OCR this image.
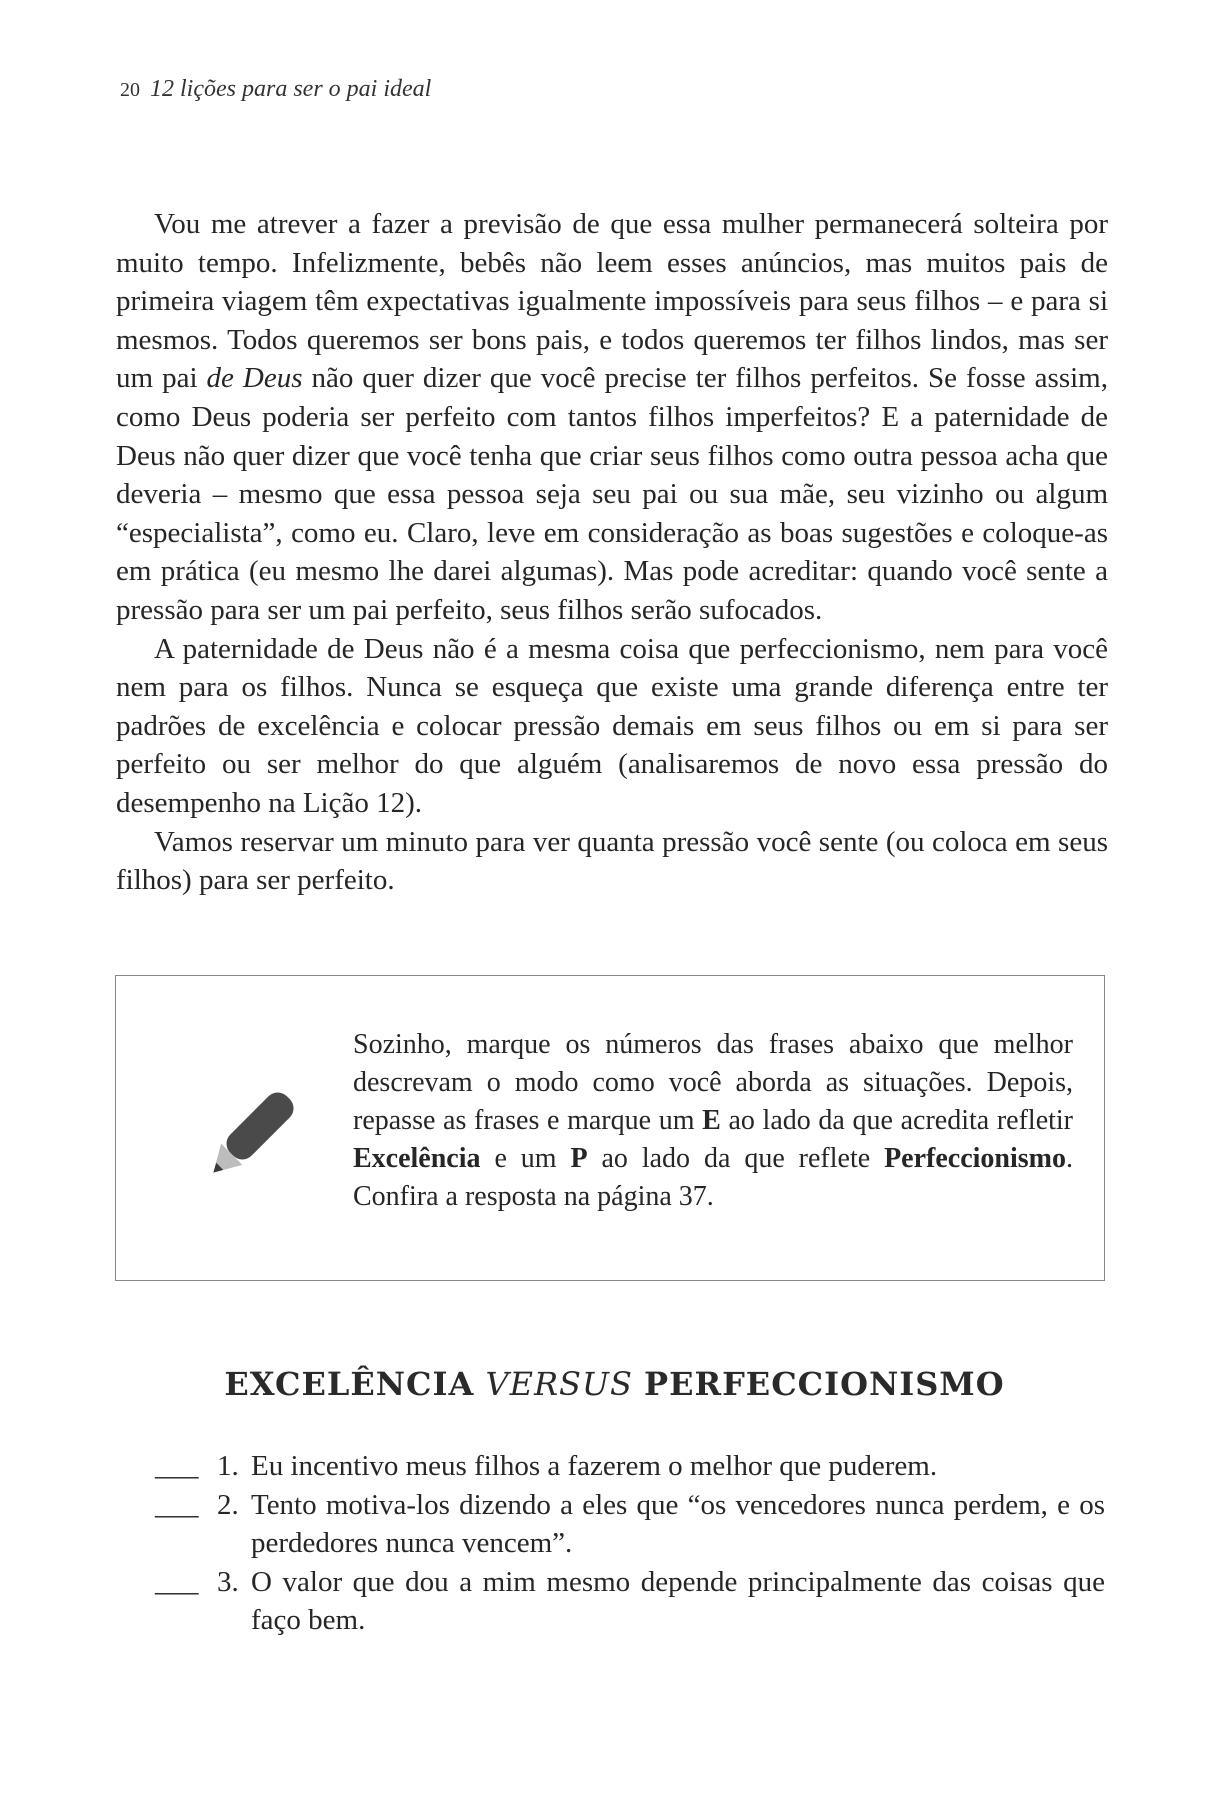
20 12 lições para ser o pai ideal

Vou me atrever a fazer a previsão de que essa mulher permanecerá solteira por muito tempo. Infelizmente, bebês não leem esses anúncios, mas muitos pais de primeira viagem têm expectativas igualmente impossíveis para seus filhos – e para si mesmos. Todos queremos ser bons pais, e todos queremos ter filhos lindos, mas ser um pai de Deus não quer dizer que você precise ter filhos perfeitos. Se fosse assim, como Deus poderia ser perfeito com tantos filhos imperfeitos? E a paternidade de Deus não quer dizer que você tenha que criar seus filhos como outra pessoa acha que deveria – mesmo que essa pessoa seja seu pai ou sua mãe, seu vizinho ou algum “especialista”, como eu. Claro, leve em consideração as boas sugestões e coloque-as em prática (eu mesmo lhe darei algumas). Mas pode acreditar: quando você sente a pressão para ser um pai perfeito, seus filhos serão sufocados.

A paternidade de Deus não é a mesma coisa que perfeccionismo, nem para você nem para os filhos. Nunca se esqueça que existe uma grande diferença entre ter padrões de excelência e colocar pressão demais em seus filhos ou em si para ser perfeito ou ser melhor do que alguém (analisaremos de novo essa pressão do desempenho na Lição 12).

Vamos reservar um minuto para ver quanta pressão você sente (ou coloca em seus filhos) para ser perfeito.

Sozinho, marque os números das frases abaixo que melhor descrevam o modo como você aborda as situações. Depois, repasse as frases e marque um E ao lado da que acredita refletir Excelência e um P ao lado da que reflete Perfeccionismo. Confira a resposta na página 37.
EXCELÊNCIA VERSUS PERFECCIONISMO
___ 1. Eu incentivo meus filhos a fazerem o melhor que puderem.
___ 2. Tento motiva-los dizendo a eles que “os vencedores nunca perdem, e os perdedores nunca vencem”.
___ 3. O valor que dou a mim mesmo depende principalmente das coisas que faço bem.
